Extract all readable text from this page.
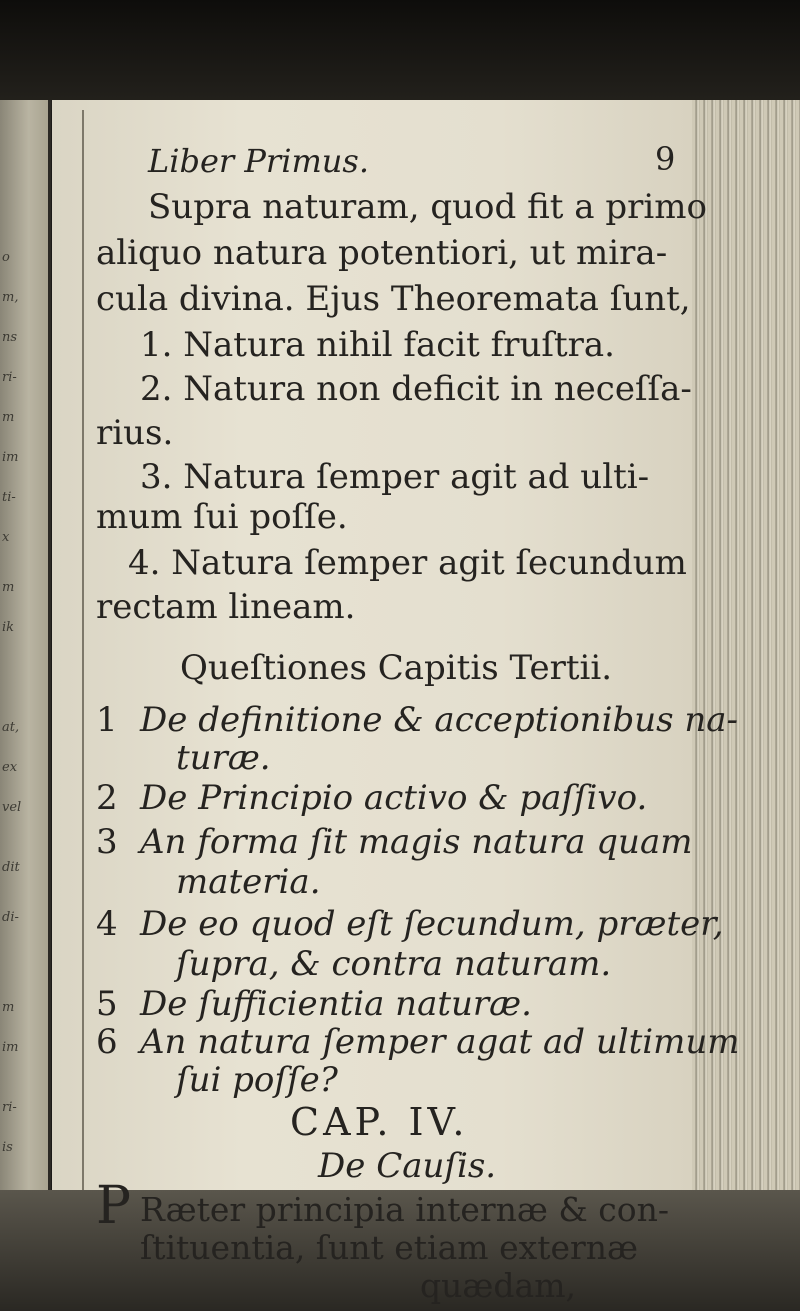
o
m,
ns
ri-
m
im
ti-
x
m
ik
at,
ex
vel
dit
di-
m
im
ri-
is
Liber Primus.	9
Supra naturam, quod fit a primo
aliquo natura potentiori, ut mira-
cula divina. Ejus Theoremata ſunt,
1. Natura nihil facit fruſtra.
2. Natura non deficit in neceſſa-
rius.
3. Natura ſemper agit ad ulti-
mum ſui poſſe.
4. Natura ſemper agit ſecundum
rectam lineam.
Queſtiones Capitis Tertii.
1 De definitione & acceptionibus na-
turæ.
2 De Principio activo & paſſivo.
3 An forma ſit magis natura quam
materia.
4 De eo quod eſt ſecundum, præter,
ſupra, & contra naturam.
5 De ſufficientia naturæ.
6 An natura ſemper agat ad ultimum
ſui poſſe?
CAP. IV.
De Cauſis.
P Ræter principia internæ & con-
ſtituentia, ſunt etiam externæ
quædam,
